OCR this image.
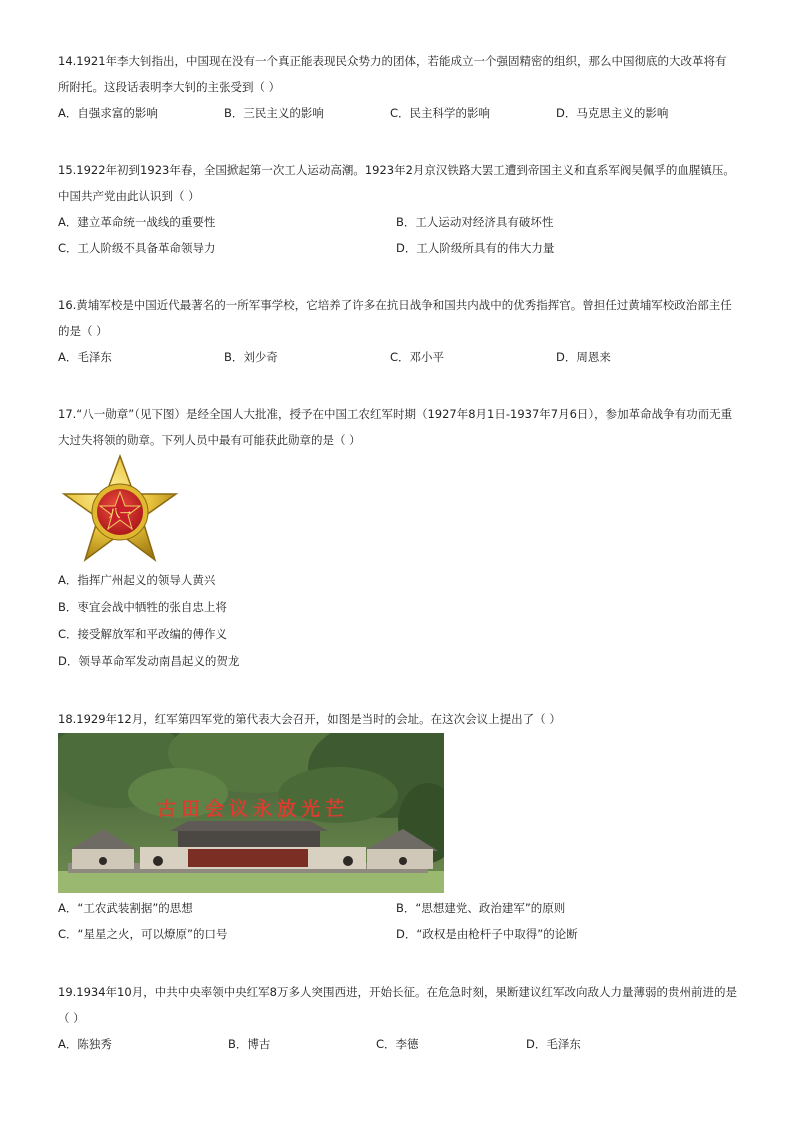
14.1921年李大钊指出，中国现在没有一个真正能表现民众势力的团体，若能成立一个强固精密的组织，那么中国彻底的大改革将有所附托。这段话表明李大钊的主张受到（ ）

A．自强求富的影响	B．三民主义的影响	C．民主科学的影响	D．马克思主义的影响

15.1922年初到1923年春，全国掀起第一次工人运动高潮。1923年2月京汉铁路大罢工遭到帝国主义和直系军阀吴佩孚的血腥镇压。中国共产党由此认识到（ ）

A．建立革命统一战线的重要性	B．工人运动对经济具有破坏性
C．工人阶级不具备革命领导力	D．工人阶级所具有的伟大力量

16.黄埔军校是中国近代最著名的一所军事学校，它培养了许多在抗日战争和国共内战中的优秀指挥官。曾担任过黄埔军校政治部主任的是（ ）

A．毛泽东	B．刘少奇	C．邓小平	D．周恩来

17.“八一勋章”（见下图）是经全国人大批准，授予在中国工农红军时期（1927年8月1日-1937年7月6日），参加革命战争有功而无重大过失将领的勋章。下列人员中最有可能获此勋章的是（ ）

八一
A．指挥广州起义的领导人黄兴
B．枣宜会战中牺牲的张自忠上将
C．接受解放军和平改编的傅作义
D．领导革命军发动南昌起义的贺龙

18.1929年12月，红军第四军党的第代表大会召开，如图是当时的会址。在这次会议上提出了（ ）

古田会议永放光芒
A．“工农武装割据”的思想	B．“思想建党、政治建军”的原则
C．“星星之火，可以燎原”的口号	D．“政权是由枪杆子中取得”的论断

19.1934年10月，中共中央率领中央红军8万多人突围西进，开始长征。在危急时刻，果断建议红军改向敌人力量薄弱的贵州前进的是（ ）

A．陈独秀	B．博古	C．李德	D．毛泽东
